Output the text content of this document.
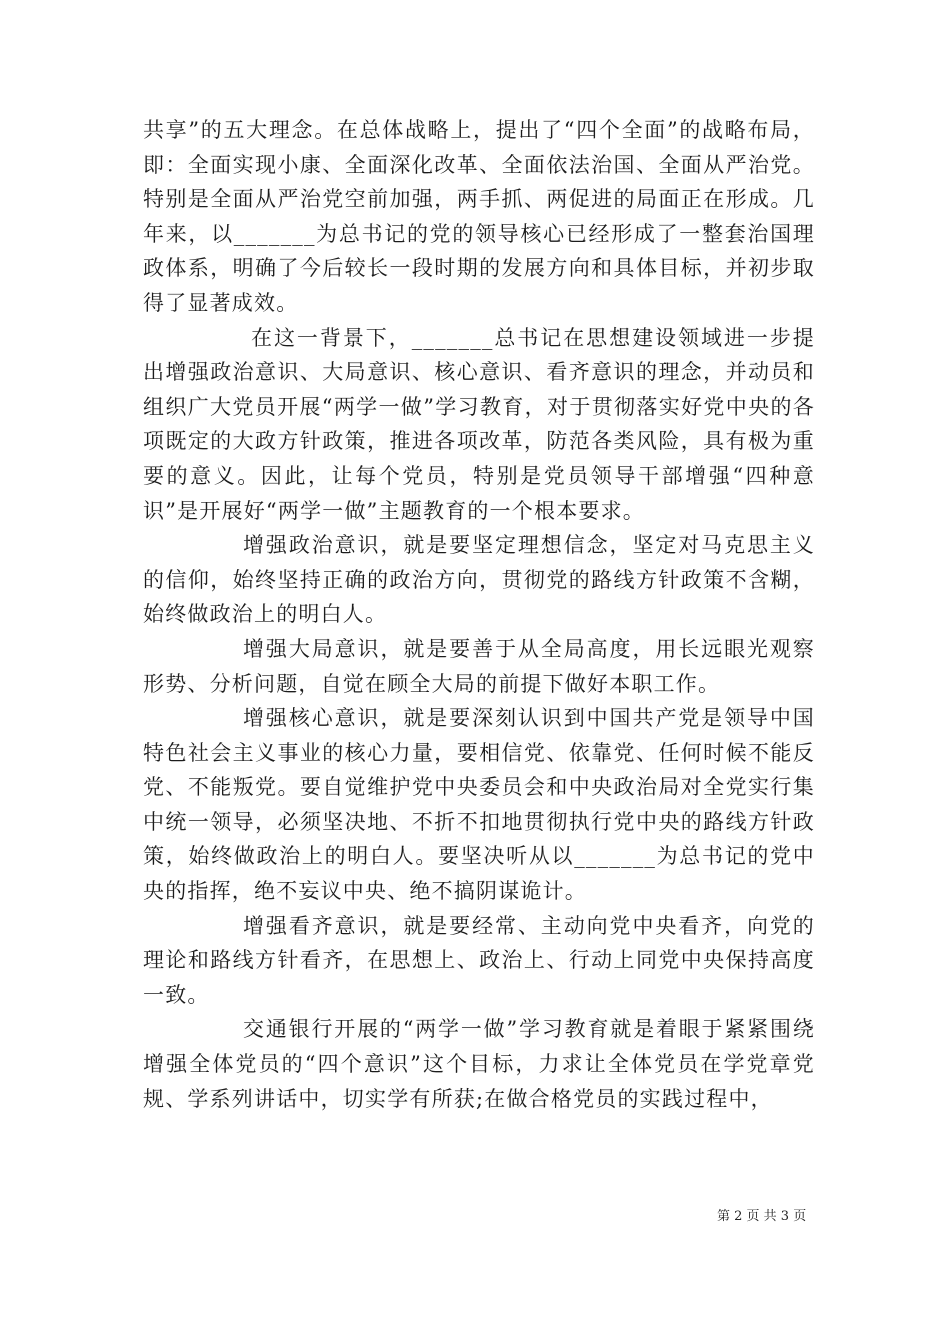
共享”的五大理念。在总体战略上，提出了“四个全面”的战略布局，即：全面实现小康、全面深化改革、全面依法治国、全面从严治党。特别是全面从严治党空前加强，两手抓、两促进的局面正在形成。几年来，以_______为总书记的党的领导核心已经形成了一整套治国理政体系，明确了今后较长一段时期的发展方向和具体目标，并初步取得了显著成效。

在这一背景下，_______总书记在思想建设领域进一步提出增强政治意识、大局意识、核心意识、看齐意识的理念，并动员和组织广大党员开展“两学一做”学习教育，对于贯彻落实好党中央的各项既定的大政方针政策，推进各项改革，防范各类风险，具有极为重要的意义。因此，让每个党员，特别是党员领导干部增强“四种意识”是开展好“两学一做”主题教育的一个根本要求。

增强政治意识，就是要坚定理想信念，坚定对马克思主义的信仰，始终坚持正确的政治方向，贯彻党的路线方针政策不含糊，始终做政治上的明白人。

增强大局意识，就是要善于从全局高度，用长远眼光观察形势、分析问题，自觉在顾全大局的前提下做好本职工作。

增强核心意识，就是要深刻认识到中国共产党是领导中国特色社会主义事业的核心力量，要相信党、依靠党、任何时候不能反党、不能叛党。要自觉维护党中央委员会和中央政治局对全党实行集中统一领导，必须坚决地、不折不扣地贯彻执行党中央的路线方针政策，始终做政治上的明白人。要坚决听从以_______为总书记的党中央的指挥，绝不妄议中央、绝不搞阴谋诡计。

增强看齐意识，就是要经常、主动向党中央看齐，向党的理论和路线方针看齐，在思想上、政治上、行动上同党中央保持高度一致。

交通银行开展的“两学一做”学习教育就是着眼于紧紧围绕增强全体党员的“四个意识”这个目标，力求让全体党员在学党章党规、学系列讲话中，切实学有所获;在做合格党员的实践过程中，

第 2 页 共 3 页
